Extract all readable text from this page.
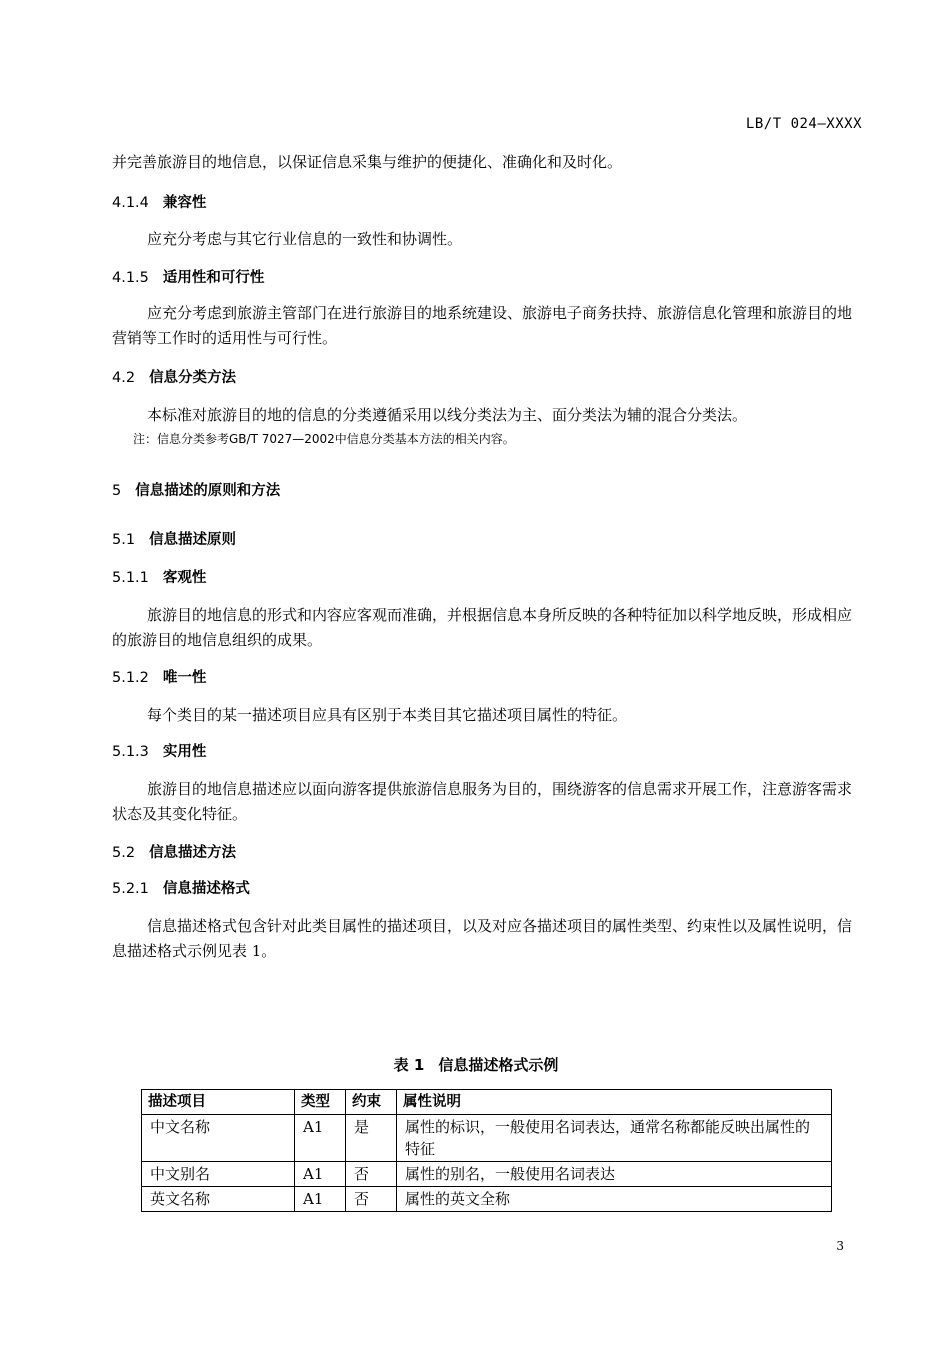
LB/T 024—XXXX

并完善旅游目的地信息，以保证信息采集与维护的便捷化、准确化和及时化。

4.1.4 兼容性

应充分考虑与其它行业信息的一致性和协调性。

4.1.5 适用性和可行性

应充分考虑到旅游主管部门在进行旅游目的地系统建设、旅游电子商务扶持、旅游信息化管理和旅游目的地营销等工作时的适用性与可行性。

4.2 信息分类方法

本标准对旅游目的地的信息的分类遵循采用以线分类法为主、面分类法为辅的混合分类法。

注：信息分类参考GB/T 7027—2002中信息分类基本方法的相关内容。

5 信息描述的原则和方法

5.1 信息描述原则

5.1.1 客观性

旅游目的地信息的形式和内容应客观而准确，并根据信息本身所反映的各种特征加以科学地反映，形成相应的旅游目的地信息组织的成果。

5.1.2 唯一性

每个类目的某一描述项目应具有区别于本类目其它描述项目属性的特征。

5.1.3 实用性

旅游目的地信息描述应以面向游客提供旅游信息服务为目的，围绕游客的信息需求开展工作，注意游客需求状态及其变化特征。

5.2 信息描述方法

5.2.1 信息描述格式

信息描述格式包含针对此类目属性的描述项目，以及对应各描述项目的属性类型、约束性以及属性说明，信息描述格式示例见表 1。

表 1 信息描述格式示例
描述项目	类型	约束	属性说明
中文名称	A1	是	属性的标识，一般使用名词表达，通常名称都能反映出属性的特征
中文别名	A1	否	属性的别名，一般使用名词表达
英文名称	A1	否	属性的英文全称
3
